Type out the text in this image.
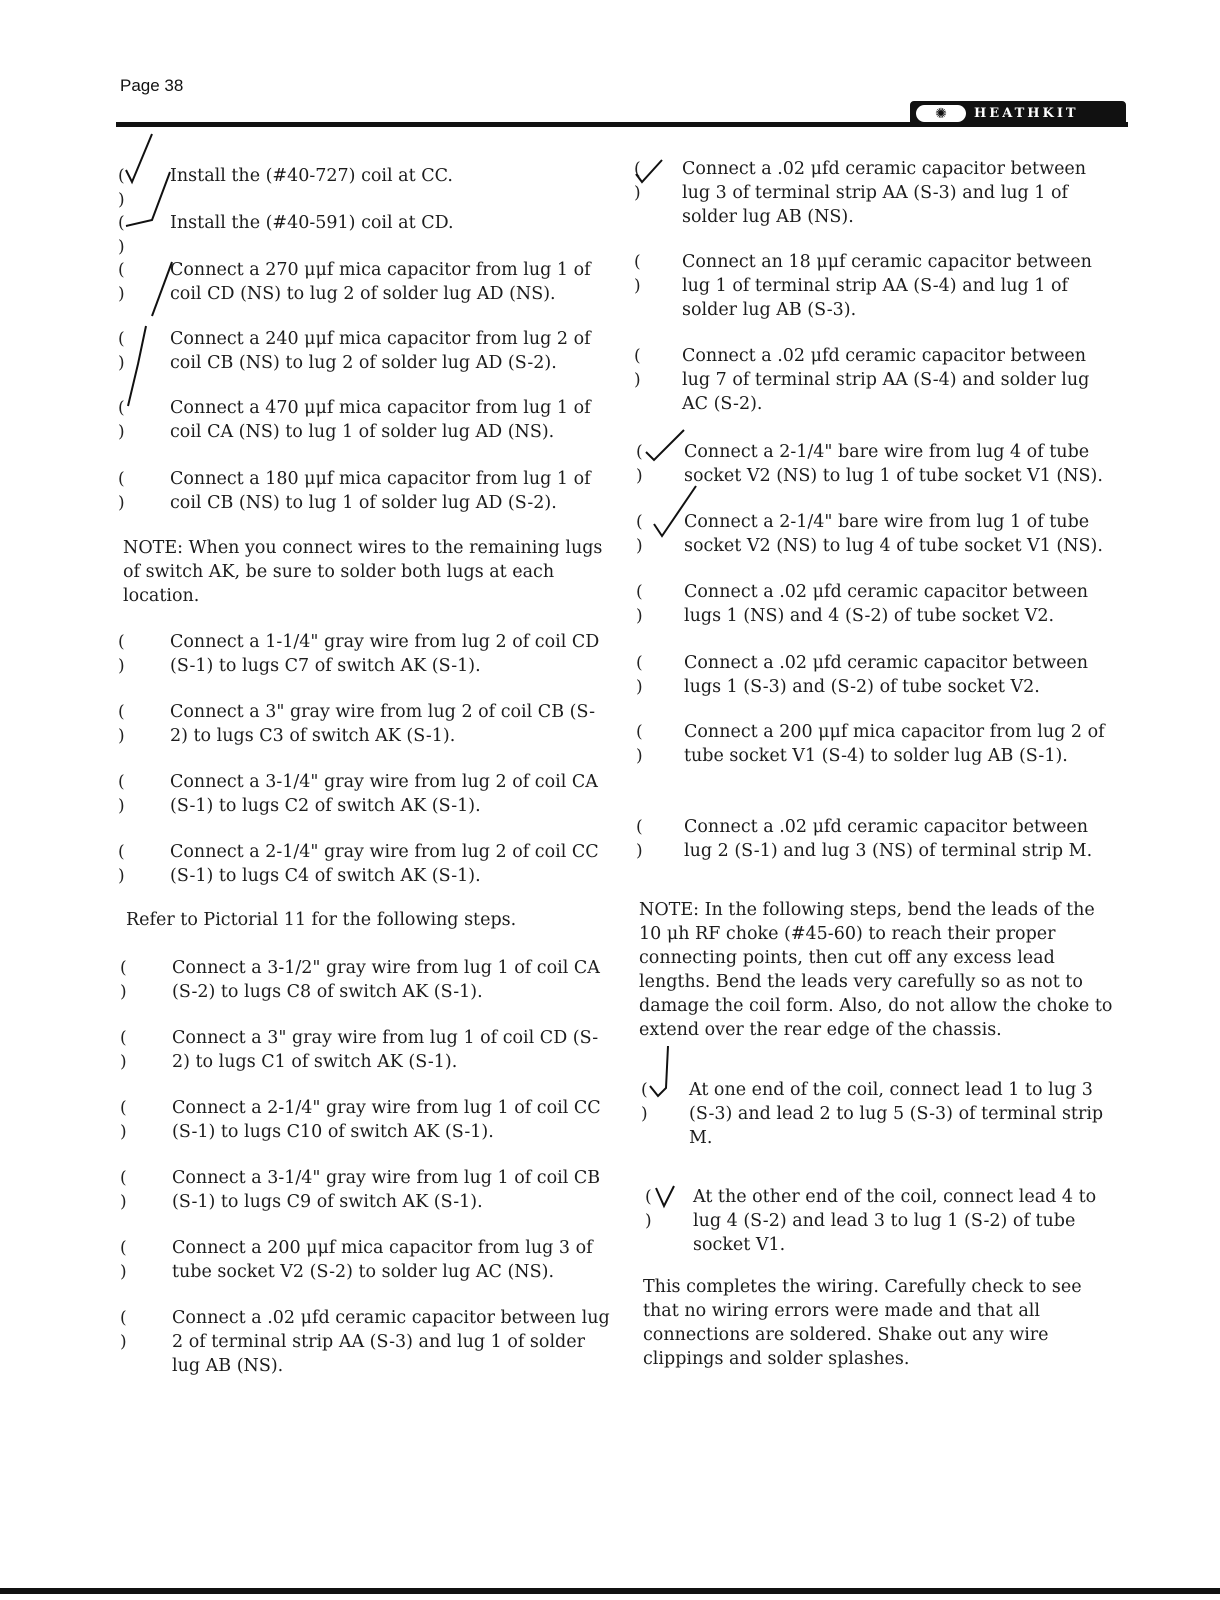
Page 38
✺	HEATHKIT
( )
Install the (#40-727) coil at CC.
( )
Install the (#40-591) coil at CD.
( )
Connect a 270 μμf mica capacitor from lug 1 of coil CD (NS) to lug 2 of solder lug AD (NS).
( )
Connect a 240 μμf mica capacitor from lug 2 of coil CB (NS) to lug 2 of solder lug AD (S-2).
( )
Connect a 470 μμf mica capacitor from lug 1 of coil CA (NS) to lug 1 of solder lug AD (NS).
( )
Connect a 180 μμf mica capacitor from lug 1 of coil CB (NS) to lug 1 of solder lug AD (S-2).
NOTE: When you connect wires to the remaining lugs of switch AK, be sure to solder both lugs at each location.
( )
Connect a 1-1/4" gray wire from lug 2 of coil CD (S-1) to lugs C7 of switch AK (S-1).
( )
Connect a 3" gray wire from lug 2 of coil CB (S-2) to lugs C3 of switch AK (S-1).
( )
Connect a 3-1/4" gray wire from lug 2 of coil CA (S-1) to lugs C2 of switch AK (S-1).
( )
Connect a 2-1/4" gray wire from lug 2 of coil CC (S-1) to lugs C4 of switch AK (S-1).
Refer to Pictorial 11 for the following steps.
( )
Connect a 3-1/2" gray wire from lug 1 of coil CA (S-2) to lugs C8 of switch AK (S-1).
( )
Connect a 3" gray wire from lug 1 of coil CD (S-2) to lugs C1 of switch AK (S-1).
( )
Connect a 2-1/4" gray wire from lug 1 of coil CC (S-1) to lugs C10 of switch AK (S-1).
( )
Connect a 3-1/4" gray wire from lug 1 of coil CB (S-1) to lugs C9 of switch AK (S-1).
( )
Connect a 200 μμf mica capacitor from lug 3 of tube socket V2 (S-2) to solder lug AC (NS).
( )
Connect a .02 μfd ceramic capacitor between lug 2 of terminal strip AA (S-3) and lug 1 of solder lug AB (NS).
( )
Connect a .02 μfd ceramic capacitor between lug 3 of terminal strip AA (S-3) and lug 1 of solder lug AB (NS).
( )
Connect an 18 μμf ceramic capacitor between lug 1 of terminal strip AA (S-4) and lug 1 of solder lug AB (S-3).
( )
Connect a .02 μfd ceramic capacitor between lug 7 of terminal strip AA (S-4) and solder lug AC (S-2).
( )
Connect a 2-1/4" bare wire from lug 4 of tube socket V2 (NS) to lug 1 of tube socket V1 (NS).
( )
Connect a 2-1/4" bare wire from lug 1 of tube socket V2 (NS) to lug 4 of tube socket V1 (NS).
( )
Connect a .02 μfd ceramic capacitor between lugs 1 (NS) and 4 (S-2) of tube socket V2.
( )
Connect a .02 μfd ceramic capacitor between lugs 1 (S-3) and (S-2) of tube socket V2.
( )
Connect a 200 μμf mica capacitor from lug 2 of tube socket V1 (S-4) to solder lug AB (S-1).
( )
Connect a .02 μfd ceramic capacitor between lug 2 (S-1) and lug 3 (NS) of terminal strip M.
NOTE: In the following steps, bend the leads of the 10 μh RF choke (#45-60) to reach their proper connecting points, then cut off any excess lead lengths. Bend the leads very carefully so as not to damage the coil form. Also, do not allow the choke to extend over the rear edge of the chassis.
( )
At one end of the coil, connect lead 1 to lug 3 (S-3) and lead 2 to lug 5 (S-3) of terminal strip M.
( )
At the other end of the coil, connect lead 4 to lug 4 (S-2) and lead 3 to lug 1 (S-2) of tube socket V1.
This completes the wiring. Carefully check to see that no wiring errors were made and that all connections are soldered. Shake out any wire clippings and solder splashes.
